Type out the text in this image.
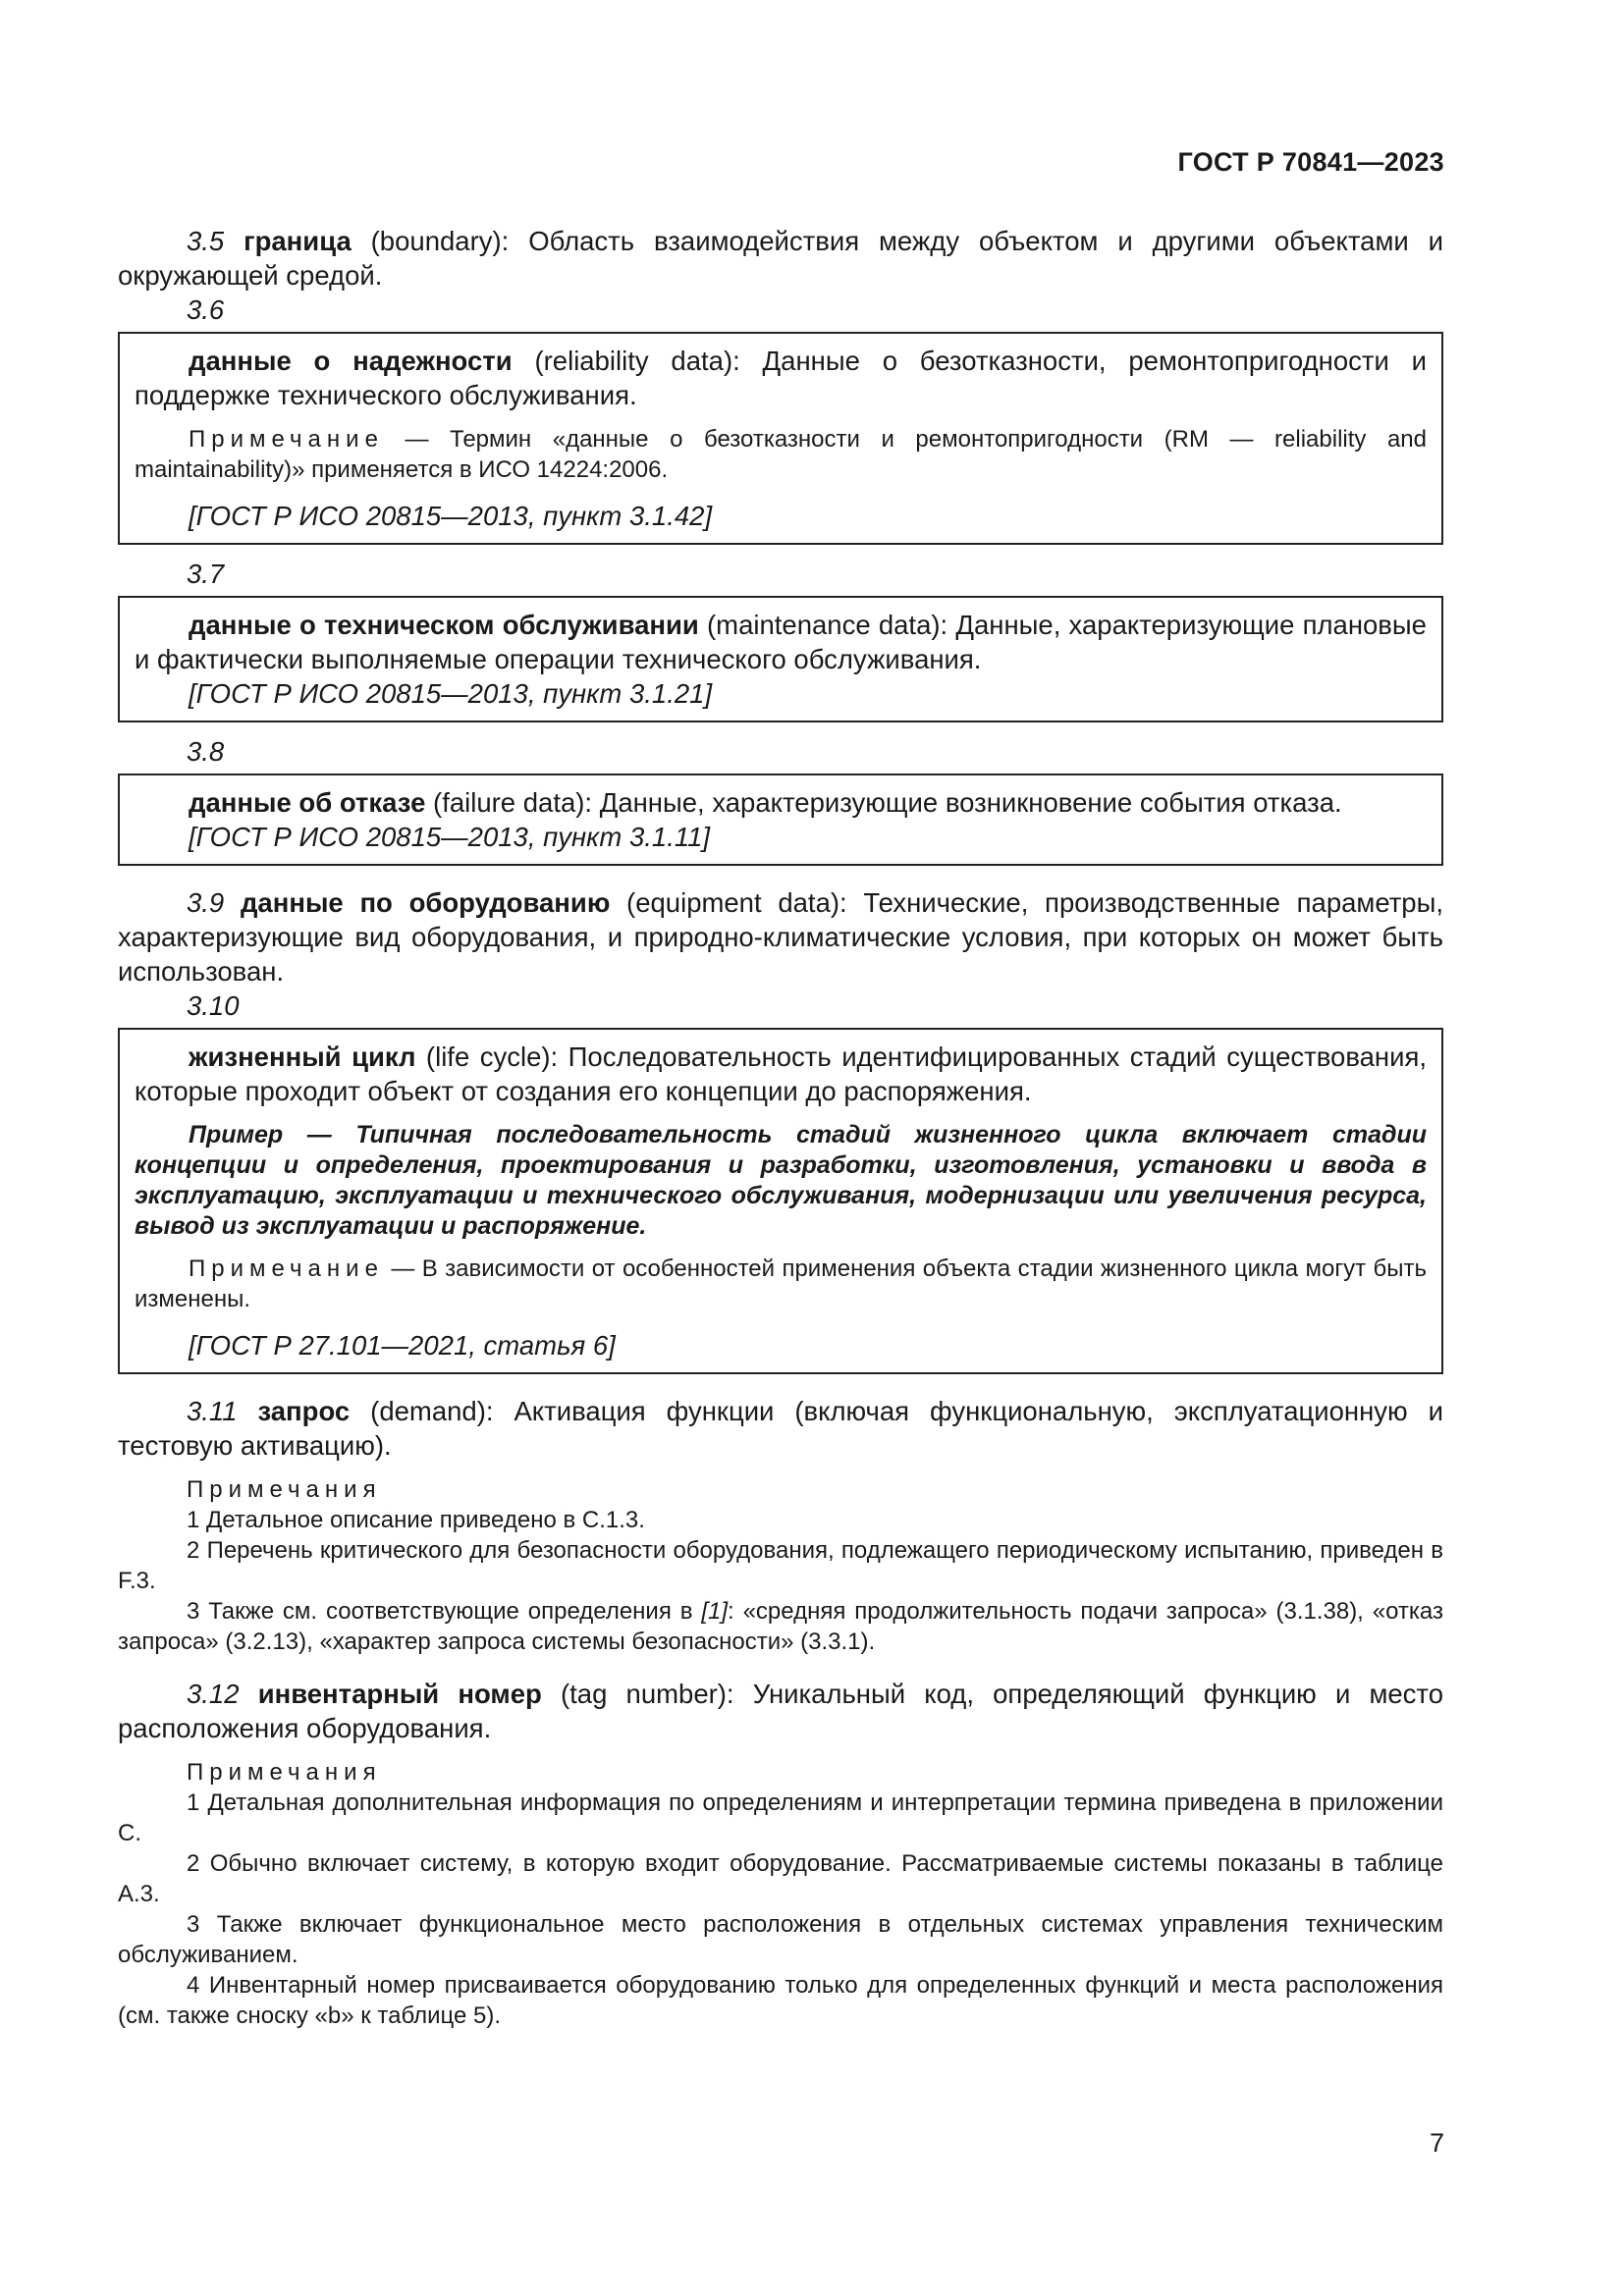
ГОСТ Р 70841—2023

3.5 граница (boundary): Область взаимодействия между объектом и другими объектами и окружающей средой.

3.6

данные о надежности (reliability data): Данные о безотказности, ремонтопригодности и поддержке технического обслуживания.

Примечание — Термин «данные о безотказности и ремонтопригодности (RM — reliability and maintainability)» применяется в ИСО 14224:2006.

[ГОСТ Р ИСО 20815—2013, пункт 3.1.42]

3.7

данные о техническом обслуживании (maintenance data): Данные, характеризующие плановые и фактически выполняемые операции технического обслуживания.

[ГОСТ Р ИСО 20815—2013, пункт 3.1.21]

3.8

данные об отказе (failure data): Данные, характеризующие возникновение события отказа.

[ГОСТ Р ИСО 20815—2013, пункт 3.1.11]

3.9 данные по оборудованию (equipment data): Технические, производственные параметры, характеризующие вид оборудования, и природно-климатические условия, при которых он может быть использован.

3.10

жизненный цикл (life cycle): Последовательность идентифицированных стадий существования, которые проходит объект от создания его концепции до распоряжения.

Пример — Типичная последовательность стадий жизненного цикла включает стадии концепции и определения, проектирования и разработки, изготовления, установки и ввода в эксплуатацию, эксплуатации и технического обслуживания, модернизации или увеличения ресурса, вывод из эксплуатации и распоряжение.

Примечание — В зависимости от особенностей применения объекта стадии жизненного цикла могут быть изменены.

[ГОСТ Р 27.101—2021, статья 6]

3.11 запрос (demand): Активация функции (включая функциональную, эксплуатационную и тестовую активацию).

Примечания

1 Детальное описание приведено в С.1.3.

2 Перечень критического для безопасности оборудования, подлежащего периодическому испытанию, приведен в F.3.

3 Также см. соответствующие определения в [1]: «средняя продолжительность подачи запроса» (3.1.38), «отказ запроса» (3.2.13), «характер запроса системы безопасности» (3.3.1).

3.12 инвентарный номер (tag number): Уникальный код, определяющий функцию и место расположения оборудования.

Примечания

1 Детальная дополнительная информация по определениям и интерпретации термина приведена в приложении С.

2 Обычно включает систему, в которую входит оборудование. Рассматриваемые системы показаны в таблице А.3.

3 Также включает функциональное место расположения в отдельных системах управления техническим обслуживанием.

4 Инвентарный номер присваивается оборудованию только для определенных функций и места расположения (см. также сноску «b» к таблице 5).

7
